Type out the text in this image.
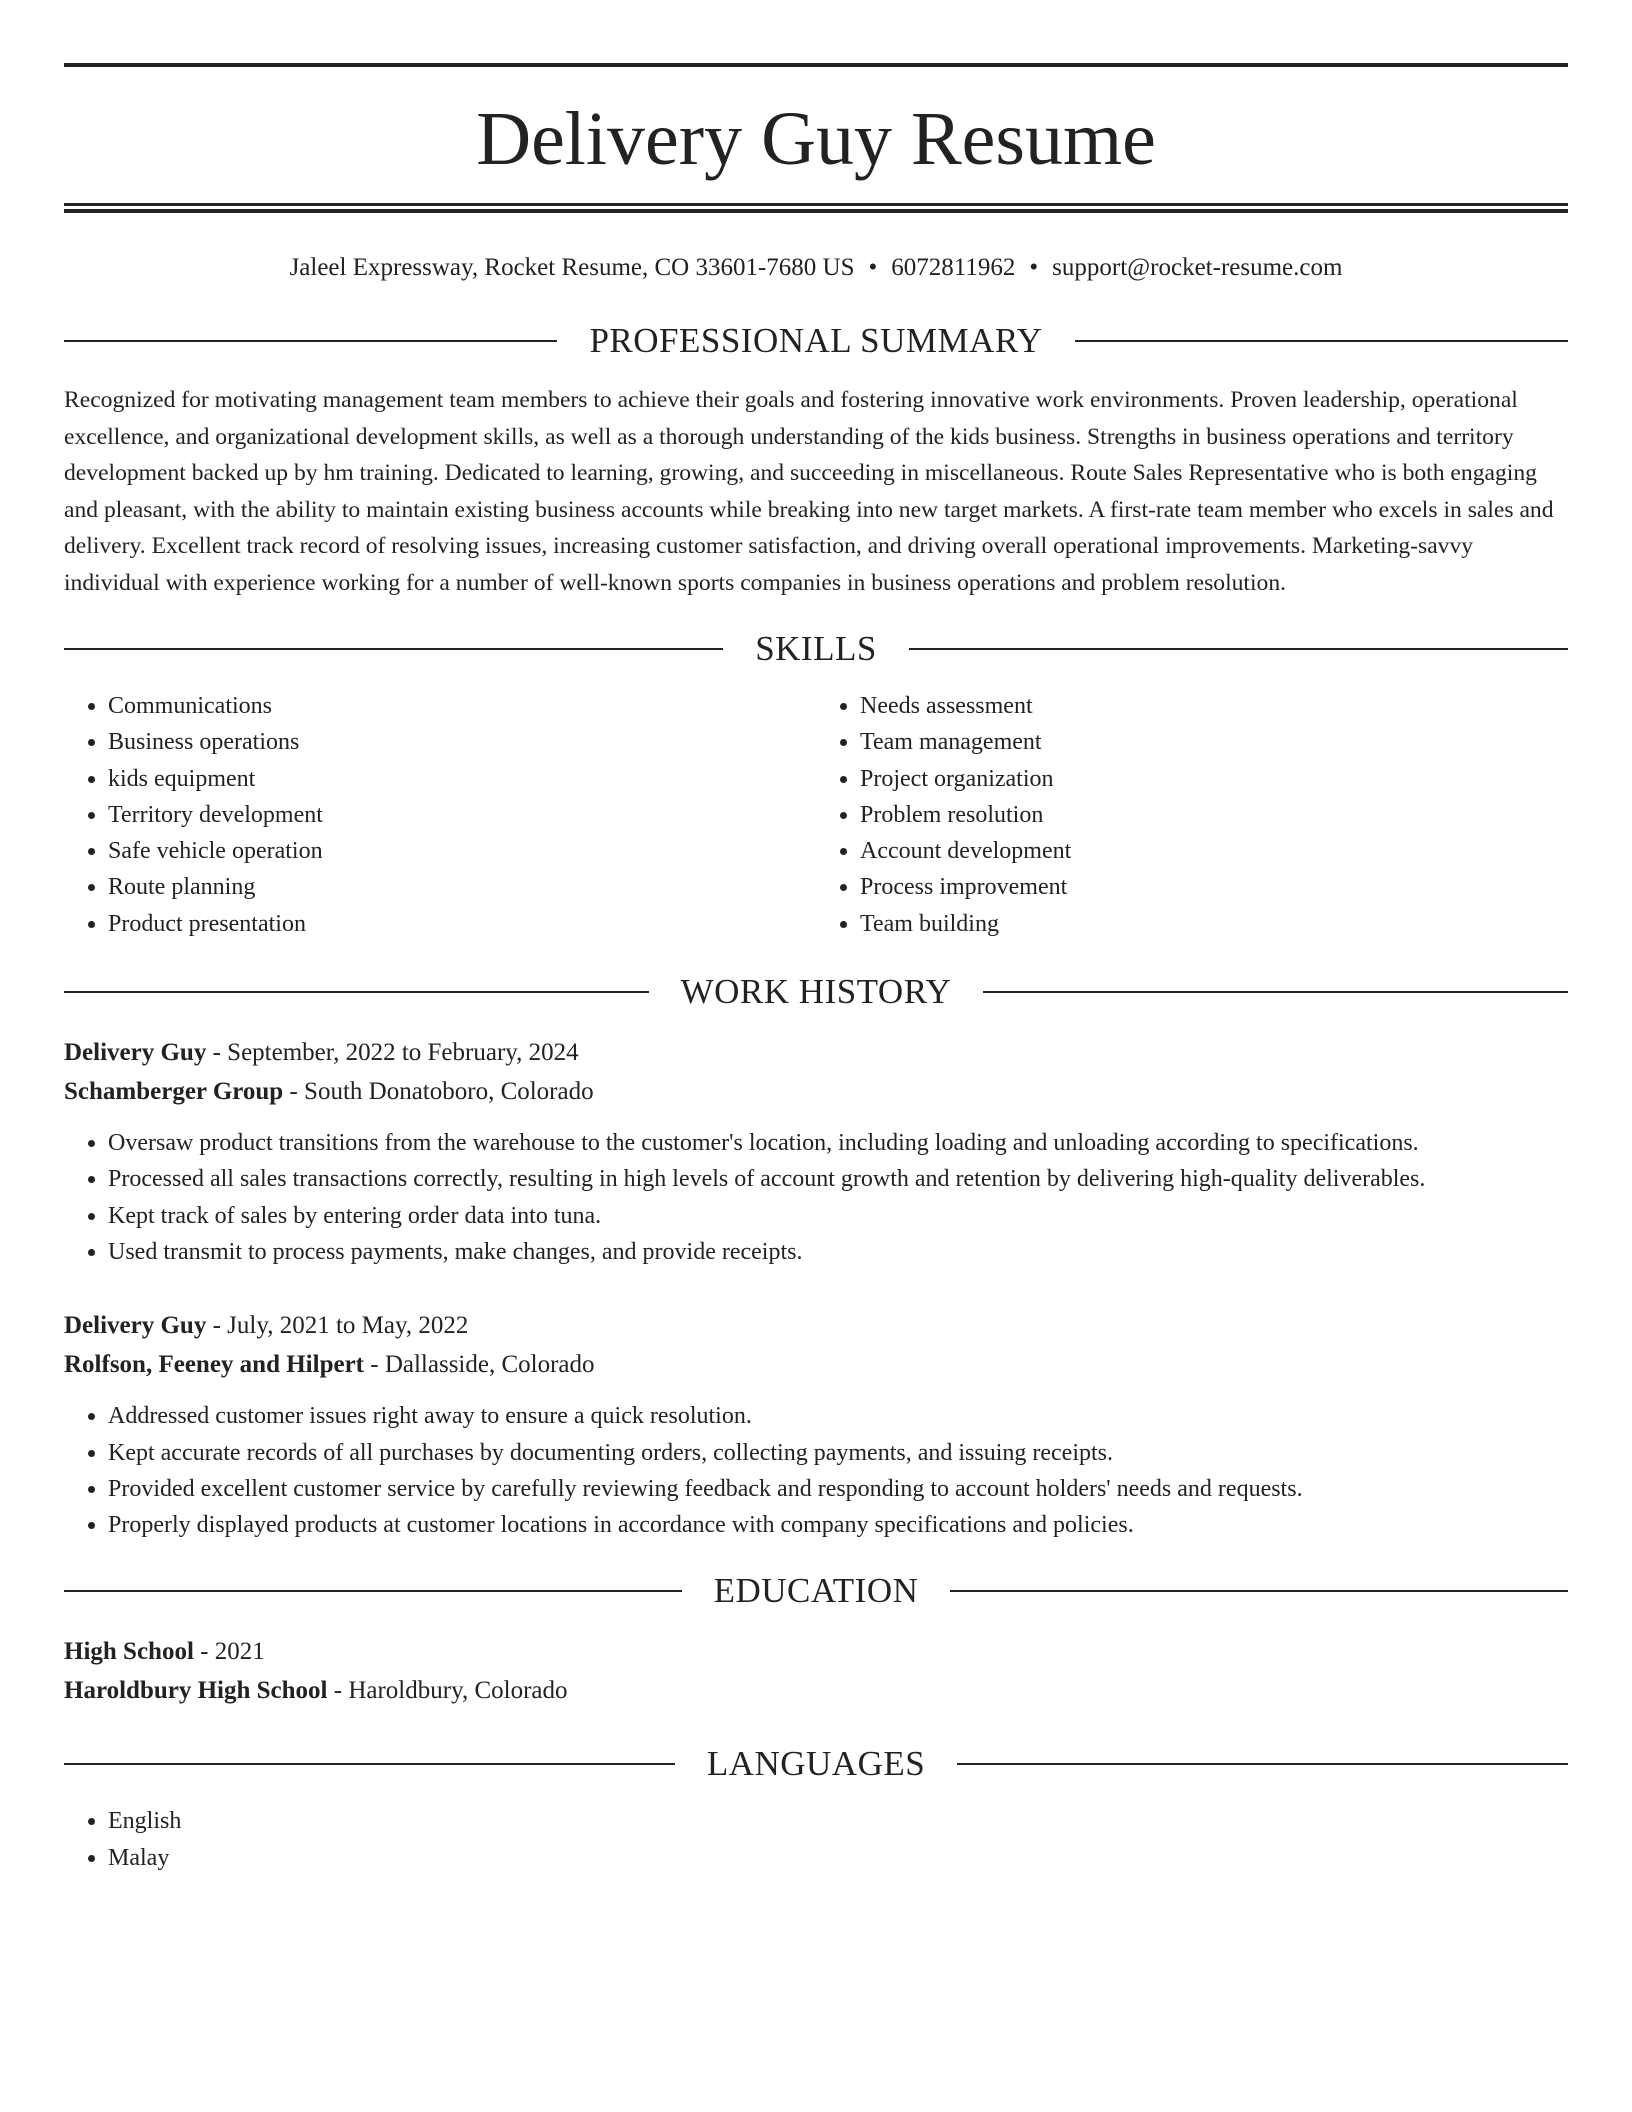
Delivery Guy Resume
Jaleel Expressway, Rocket Resume, CO 33601-7680 US • 6072811962 • support@rocket-resume.com
PROFESSIONAL SUMMARY

Recognized for motivating management team members to achieve their goals and fostering innovative work environments. Proven leadership, operational excellence, and organizational development skills, as well as a thorough understanding of the kids business. Strengths in business operations and territory development backed up by hm training. Dedicated to learning, growing, and succeeding in miscellaneous. Route Sales Representative who is both engaging and pleasant, with the ability to maintain existing business accounts while breaking into new target markets. A first-rate team member who excels in sales and delivery. Excellent track record of resolving issues, increasing customer satisfaction, and driving overall operational improvements. Marketing-savvy individual with experience working for a number of well-known sports companies in business operations and problem resolution.

SKILLS
• Communications
• Business operations
• kids equipment
• Territory development
• Safe vehicle operation
• Route planning
• Product presentation
• Needs assessment
• Team management
• Project organization
• Problem resolution
• Account development
• Process improvement
• Team building
WORK HISTORY
Delivery Guy - September, 2022 to February, 2024
Schamberger Group - South Donatoboro, Colorado
• Oversaw product transitions from the warehouse to the customer's location, including loading and unloading according to specifications.
• Processed all sales transactions correctly, resulting in high levels of account growth and retention by delivering high-quality deliverables.
• Kept track of sales by entering order data into tuna.
• Used transmit to process payments, make changes, and provide receipts.
Delivery Guy - July, 2021 to May, 2022
Rolfson, Feeney and Hilpert - Dallasside, Colorado
• Addressed customer issues right away to ensure a quick resolution.
• Kept accurate records of all purchases by documenting orders, collecting payments, and issuing receipts.
• Provided excellent customer service by carefully reviewing feedback and responding to account holders' needs and requests.
• Properly displayed products at customer locations in accordance with company specifications and policies.
EDUCATION
High School - 2021
Haroldbury High School - Haroldbury, Colorado
LANGUAGES
• English
• Malay
